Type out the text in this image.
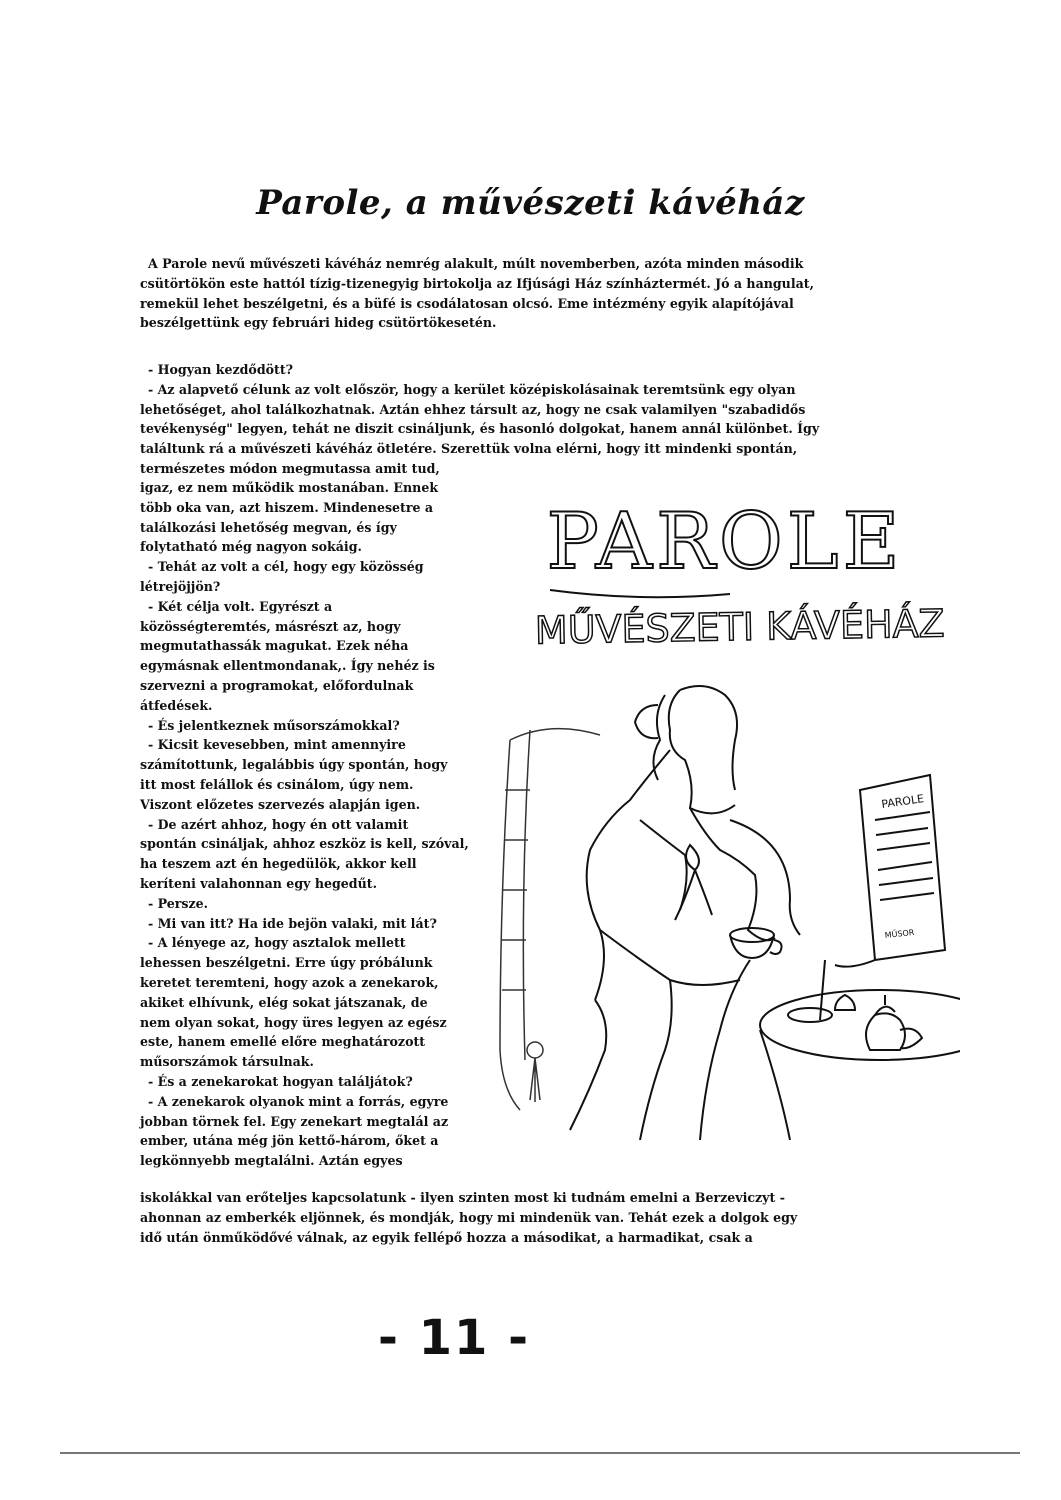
Parole, a művészeti kávéház
A Parole nevű művészeti kávéház nemrég alakult, múlt novemberben, azóta minden második
csütörtökön este hattól tízig-tizenegyig birtokolja az Ifjúsági Ház színháztermét. Jó a hangulat,
remekül lehet beszélgetni, és a büfé is csodálatosan olcsó. Eme intézmény egyik alapítójával
beszélgettünk egy februári hideg csütörtökesetén.
- Hogyan kezdődött?
- Az alapvető célunk az volt először, hogy a kerület középiskolásainak teremtsünk egy olyan
lehetőséget, ahol találkozhatnak. Aztán ehhez társult az, hogy ne csak valamilyen "szabadidős
tevékenység" legyen, tehát ne diszit csináljunk, és hasonló dolgokat, hanem annál különbet. Így
találtunk rá a művészeti kávéház ötletére. Szerettük volna elérni, hogy itt mindenki spontán,
természetes módon megmutassa amit tud,
igaz, ez nem működik mostanában. Ennek
több oka van, azt hiszem. Mindenesetre a
találkozási lehetőség megvan, és így
folytatható még nagyon sokáig.
- Tehát az volt a cél, hogy egy közösség
létrejöjjön?
- Két célja volt. Egyrészt a
közösségteremtés, másrészt az, hogy
megmutathassák magukat. Ezek néha
egymásnak ellentmondanak,. Így nehéz is
szervezni a programokat, előfordulnak
átfedések.
- És jelentkeznek műsorszámokkal?
- Kicsit kevesebben, mint amennyire
számítottunk, legalábbis úgy spontán, hogy
itt most felállok és csinálom, úgy nem.
Viszont előzetes szervezés alapján igen.
- De azért ahhoz, hogy én ott valamit
spontán csináljak, ahhoz eszköz is kell, szóval,
ha teszem azt én hegedülök, akkor kell
keríteni valahonnan egy hegedűt.
- Persze.
- Mi van itt? Ha ide bejön valaki, mit lát?
- A lényege az, hogy asztalok mellett
lehessen beszélgetni. Erre úgy próbálunk
keretet teremteni, hogy azok a zenekarok,
akiket elhívunk, elég sokat játszanak, de
nem olyan sokat, hogy üres legyen az egész
este, hanem emellé előre meghatározott
műsorszámok társulnak.
- És a zenekarokat hogyan találjátok?
- A zenekarok olyanok mint a forrás, egyre
jobban törnek fel. Egy zenekart megtalál az
ember, utána még jön kettő-három, őket a
legkönnyebb megtalálni. Aztán egyes
PAROLE
MŰVÉSZETI KÁVÉHÁZ
PAROLE
MŰSOR
iskolákkal van erőteljes kapcsolatunk - ilyen szinten most ki tudnám emelni a Berzeviczyt -
ahonnan az emberkék eljönnek, és mondják, hogy mi mindenük van. Tehát ezek a dolgok egy
idő után önműködővé válnak, az egyik fellépő hozza a másodikat, a harmadikat, csak a
- 11 -
